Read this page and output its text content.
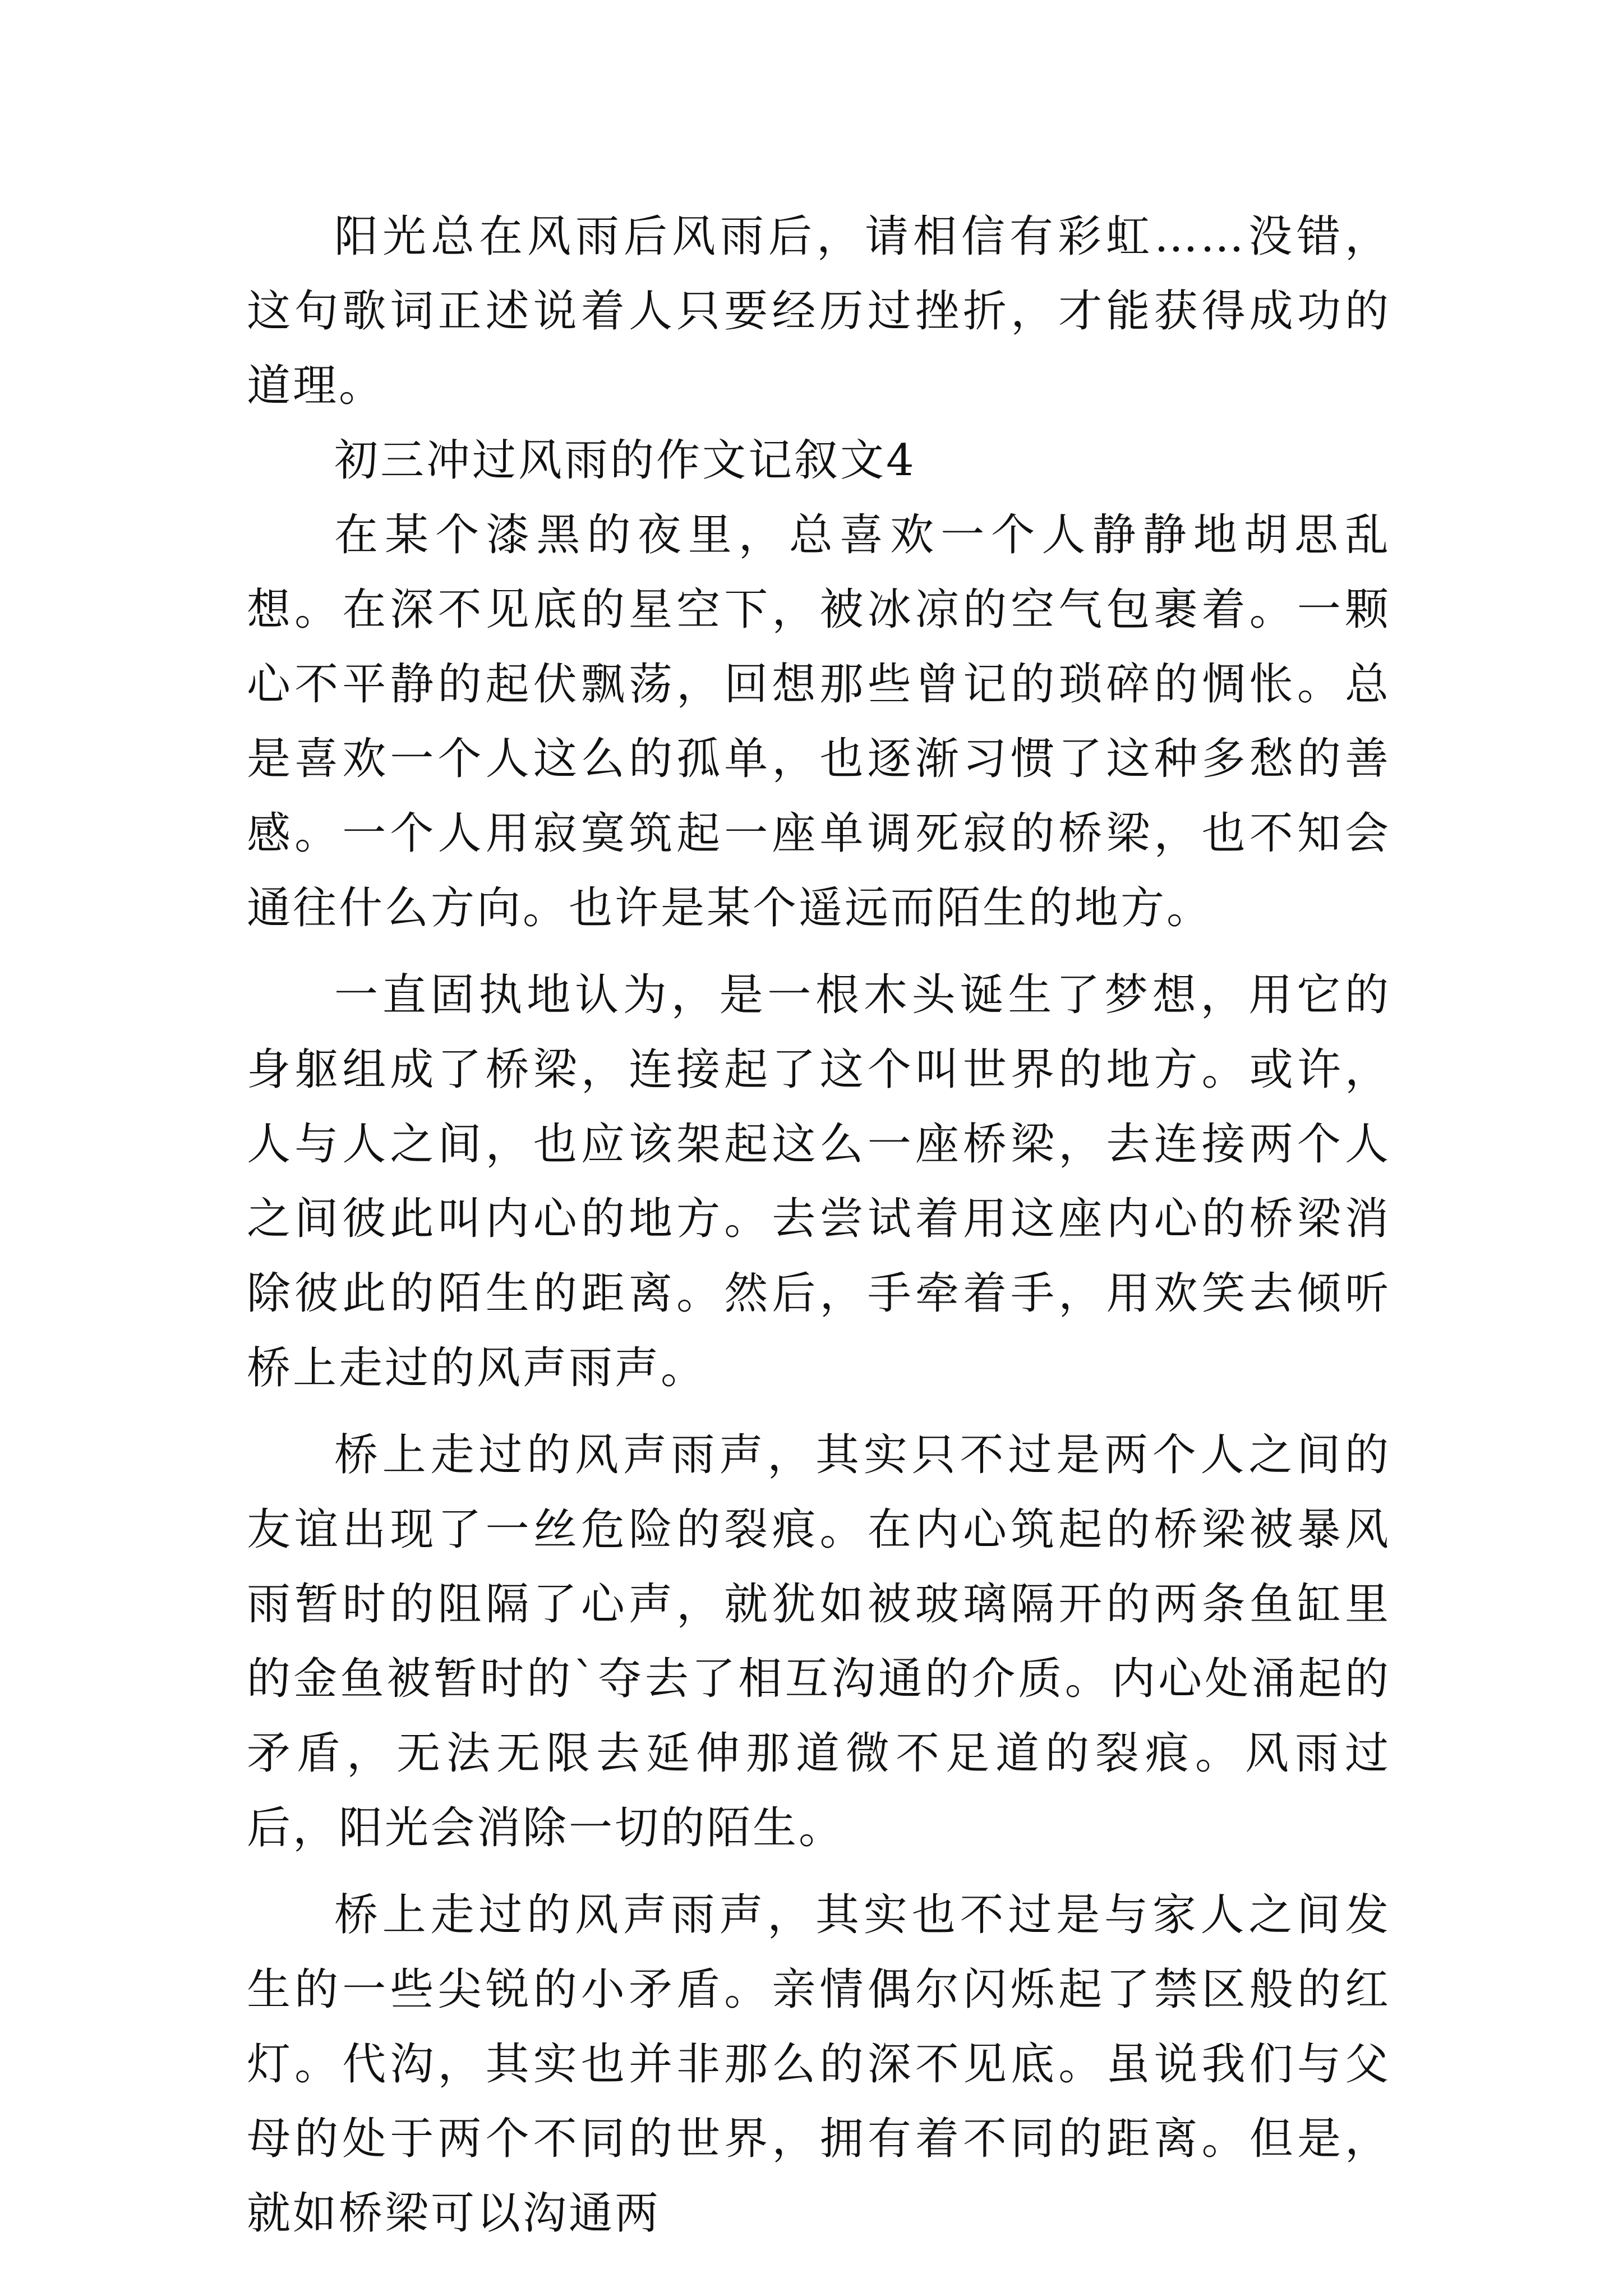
阳光总在风雨后风雨后，请相信有彩虹……没错，这句歌词正述说着人只要经历过挫折，才能获得成功的道理。

初三冲过风雨的作文记叙文4

在某个漆黑的夜里，总喜欢一个人静静地胡思乱想。在深不见底的星空下，被冰凉的空气包裹着。一颗心不平静的起伏飘荡，回想那些曾记的琐碎的惆怅。总是喜欢一个人这么的孤单，也逐渐习惯了这种多愁的善感。一个人用寂寞筑起一座单调死寂的桥梁，也不知会通往什么方向。也许是某个遥远而陌生的地方。

一直固执地认为，是一根木头诞生了梦想，用它的身躯组成了桥梁，连接起了这个叫世界的地方。或许，人与人之间，也应该架起这么一座桥梁，去连接两个人之间彼此叫内心的地方。去尝试着用这座内心的桥梁消除彼此的陌生的距离。然后，手牵着手，用欢笑去倾听桥上走过的风声雨声。

桥上走过的风声雨声，其实只不过是两个人之间的友谊出现了一丝危险的裂痕。在内心筑起的桥梁被暴风雨暂时的阻隔了心声，就犹如被玻璃隔开的两条鱼缸里的金鱼被暂时的`夺去了相互沟通的介质。内心处涌起的矛盾，无法无限去延伸那道微不足道的裂痕。风雨过后，阳光会消除一切的陌生。

桥上走过的风声雨声，其实也不过是与家人之间发生的一些尖锐的小矛盾。亲情偶尔闪烁起了禁区般的红灯。代沟，其实也并非那么的深不见底。虽说我们与父母的处于两个不同的世界，拥有着不同的距离。但是，就如桥梁可以沟通两
